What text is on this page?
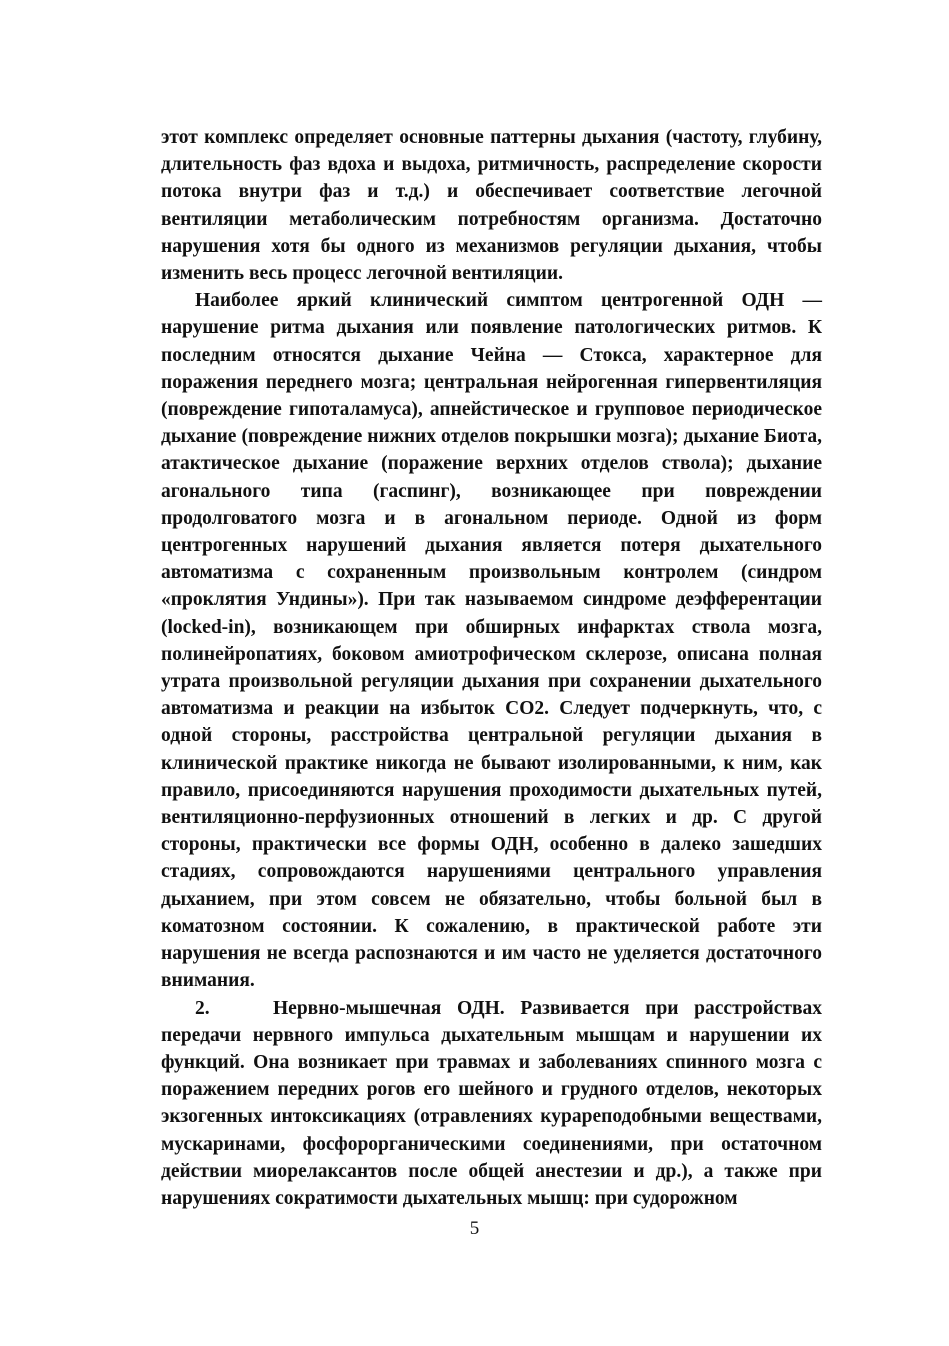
этот комплекс определяет основные паттерны дыхания (частоту, глубину, длительность фаз вдоха и выдоха, ритмичность, распределение скорости потока внутри фаз и т.д.) и обеспечивает соответствие легочной вентиляции метаболическим потребностям организма. Достаточно нарушения хотя бы одного из механизмов регуляции дыхания, чтобы изменить весь процесс легочной вентиляции.

Наиболее яркий клинический симптом центрогенной ОДН — нарушение ритма дыхания или появление патологических ритмов. К последним относятся дыхание Чейна — Стокса, характерное для поражения переднего мозга; центральная нейрогенная гипервентиляция (повреждение гипоталамуса), апнейстическое и групповое периодическое дыхание (повреждение нижних отделов покрышки мозга); дыхание Биота, атактическое дыхание (поражение верхних отделов ствола); дыхание агонального типа (гаспинг), возникающее при повреждении продолговатого мозга и в агональном периоде. Одной из форм центрогенных нарушений дыхания является потеря дыхательного автоматизма с сохраненным произвольным контролем (синдром «проклятия Ундины»). При так называемом синдроме деэфферентации (locked-in), возникающем при обширных инфарктах ствола мозга, полинейропатиях, боковом амиотрофическом склерозе, описана полная утрата произвольной регуляции дыхания при сохранении дыхательного автоматизма и реакции на избыток СО2. Следует подчеркнуть, что, с одной стороны, расстройства центральной регуляции дыхания в клинической практике никогда не бывают изолированными, к ним, как правило, присоединяются нарушения проходимости дыхательных путей, вентиляционно-перфузионных отношений в легких и др. С другой стороны, практически все формы ОДН, особенно в далеко зашедших стадиях, сопровождаются нарушениями центрального управления дыханием, при этом совсем не обязательно, чтобы больной был в коматозном состоянии. К сожалению, в практической работе эти нарушения не всегда распознаются и им часто не уделяется достаточного внимания.

2.	Нервно-мышечная ОДН. Развивается при расстройствах передачи нервного импульса дыхательным мышцам и нарушении их функций. Она возникает при травмах и заболеваниях спинного мозга с поражением передних рогов его шейного и грудного отделов, некоторых экзогенных интоксикациях (отравлениях курареподобными веществами, мускаринами, фосфорорганическими соединениями, при остаточном действии миорелаксантов после общей анестезии и др.), а также при нарушениях сократимости дыхательных мышц: при судорожном

5
